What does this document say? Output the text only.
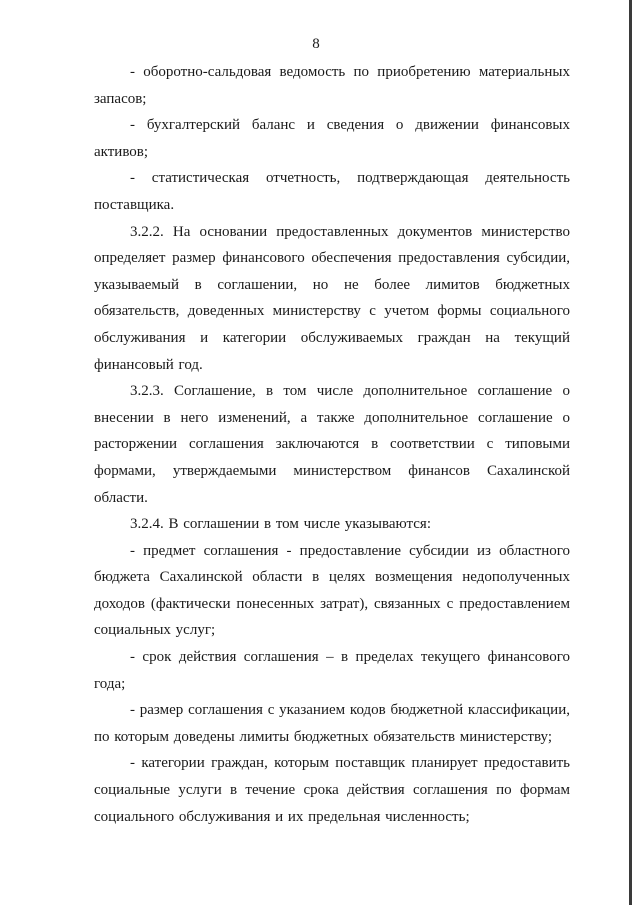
8

- оборотно-сальдовая ведомость по приобретению материальных запасов;

- бухгалтерский баланс и сведения о движении финансовых активов;

- статистическая отчетность, подтверждающая деятельность поставщика.

3.2.2. На основании предоставленных документов министерство определяет размер финансового обеспечения предоставления субсидии, указываемый в соглашении, но не более лимитов бюджетных обязательств, доведенных министерству с учетом формы социального обслуживания и категории обслуживаемых граждан на текущий финансовый год.

3.2.3. Соглашение, в том числе дополнительное соглашение о внесении в него изменений, а также дополнительное соглашение о расторжении соглашения заключаются в соответствии с типовыми формами, утверждаемыми министерством финансов Сахалинской области.

3.2.4. В соглашении в том числе указываются:

- предмет соглашения - предоставление субсидии из областного бюджета Сахалинской области в целях возмещения недополученных доходов (фактически понесенных затрат), связанных с предоставлением социальных услуг;

- срок действия соглашения – в пределах текущего финансового года;

- размер соглашения с указанием кодов бюджетной классификации, по которым доведены лимиты бюджетных обязательств министерству;

- категории граждан, которым поставщик планирует предоставить социальные услуги в течение срока действия соглашения по формам социального обслуживания и их предельная численность;
